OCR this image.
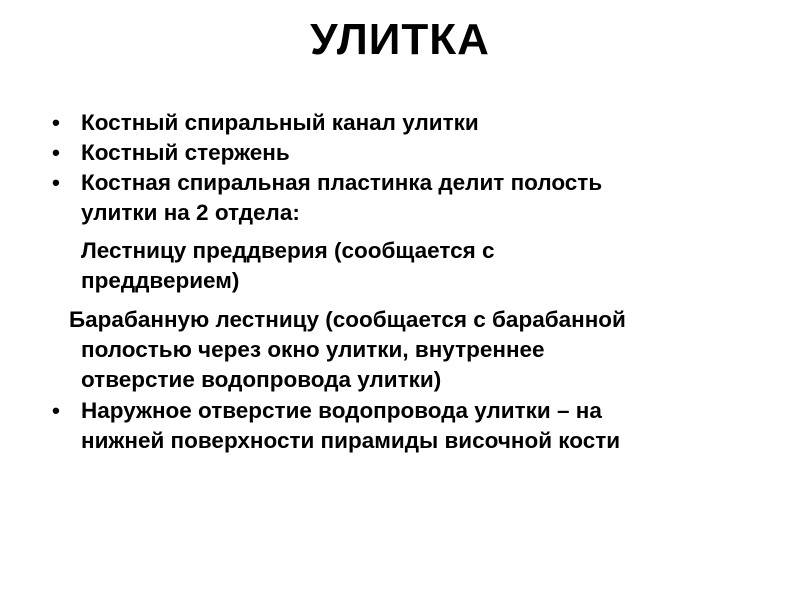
УЛИТКА
• Костный спиральный канал улитки
• Костный стержень
• Костная спиральная пластинка делит полость
улитки на 2 отдела:
Лестницу преддверия (сообщается с
преддверием)
Барабанную лестницу (сообщается с барабанной
полостью через окно улитки, внутреннее
отверстие водопровода улитки)
• Наружное отверстие водопровода улитки – на
нижней поверхности пирамиды височной кости
